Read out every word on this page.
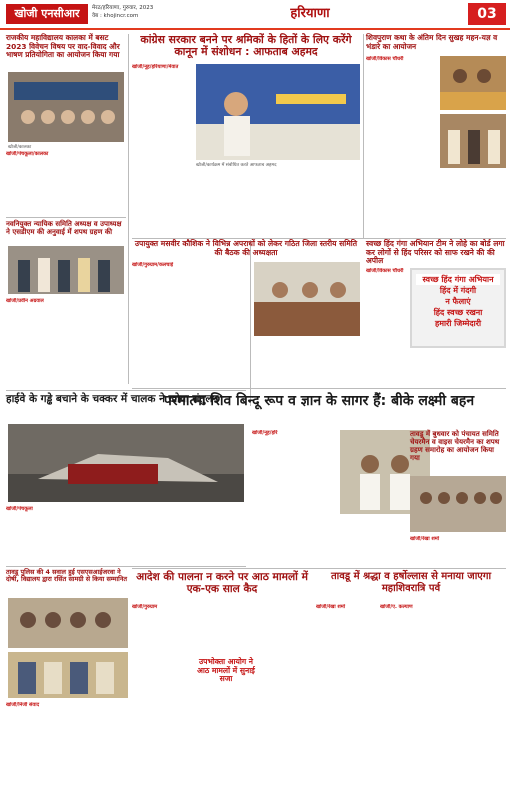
खोजी एनसीआर	मेरठ/हरियाणा, गुरुवार, 2023
वेब : khojincr.com	हरियाणा	03
राजकीय महाविद्यालय कालका में बसट 2023 विवेचन विषय पर वाद-विवाद और भाषण प्रतियोगिता का आयोजन किया गया
खोजी/कालका
खोजी/पंचकूला/कालका
नवनियुक्त न्यायिक समिति अध्यक्ष व उपाध्यक्ष ने एसडीएम की अनुवाई में शपथ ग्रहण की
खोजी/प्रवीन अग्रवाल
हाईवे के गड्ढे बचाने के चक्कर में चालक ने खोया संतुलन
खोजी/पंचकूला
तावडू पुलिस की 4 सवाल हुई एसएसआईजरवा ने दोषी, विद्यालय द्वारा रसिंत सामग्री से किया सम्मानित
खोजी/निजी संवाद
कांग्रेस सरकार बनने पर श्रमिकों के हितों के लिए करेंगे कानून में संशोधन : आफताब अहमद
खोजी/नूह/हरियाणा/मेवात
खोजी/कार्यक्रम में संबोधित करते आफताब अहमद
उपायुक्त मसवीर कौशिक ने विभिन्न अपराधों को लेकर गठित जिला स्तरीय समिति की बैठक की अध्यक्षता
खोजी/गुरुग्राम/कलचाई
परमात्मा शिव बिन्दू रूप व ज्ञान के सागर हैं: बीके लक्ष्मी बहन
खोजी/नूह/हरि
आदेश की पालना न करने पर आठ मामलों में एक-एक साल कैद
खोजी/गुरुग्राम
उपभोक्ता आयोग ने आठ मामलों में सुनाई सजा
शिवपुराण कथा के अंतिम दिन सुखह महन-यज्ञ व भंडारे का आयोजन
खोजी/विकास चौधरी
स्वच्छ हिंद गंगा अभियान टीम ने लोहे का बोर्ड लगा कर लोगों से हिंद परिसर को साफ रखने की की अपील
खोजी/विकास चौधरी
स्वच्छ हिंद गंगा अभियान
हिंद में गंदगी
न फैलाएं
हिंद स्वच्छ रखना
हमारी जिम्मेदारी
तावडू में बुधवार को पंचायत समिति चेयरमैन व वाइस चेयरमैन का शपथ ग्रहण समारोह का आयोजन किया गया
खोजी/रेखा शर्मा
तावडू में श्रद्धा व हर्षोल्लास से मनाया जाएगा महाशिवरात्रि पर्व
खोजी/रेखा शर्मा	खोजी/ए. कल्याण
